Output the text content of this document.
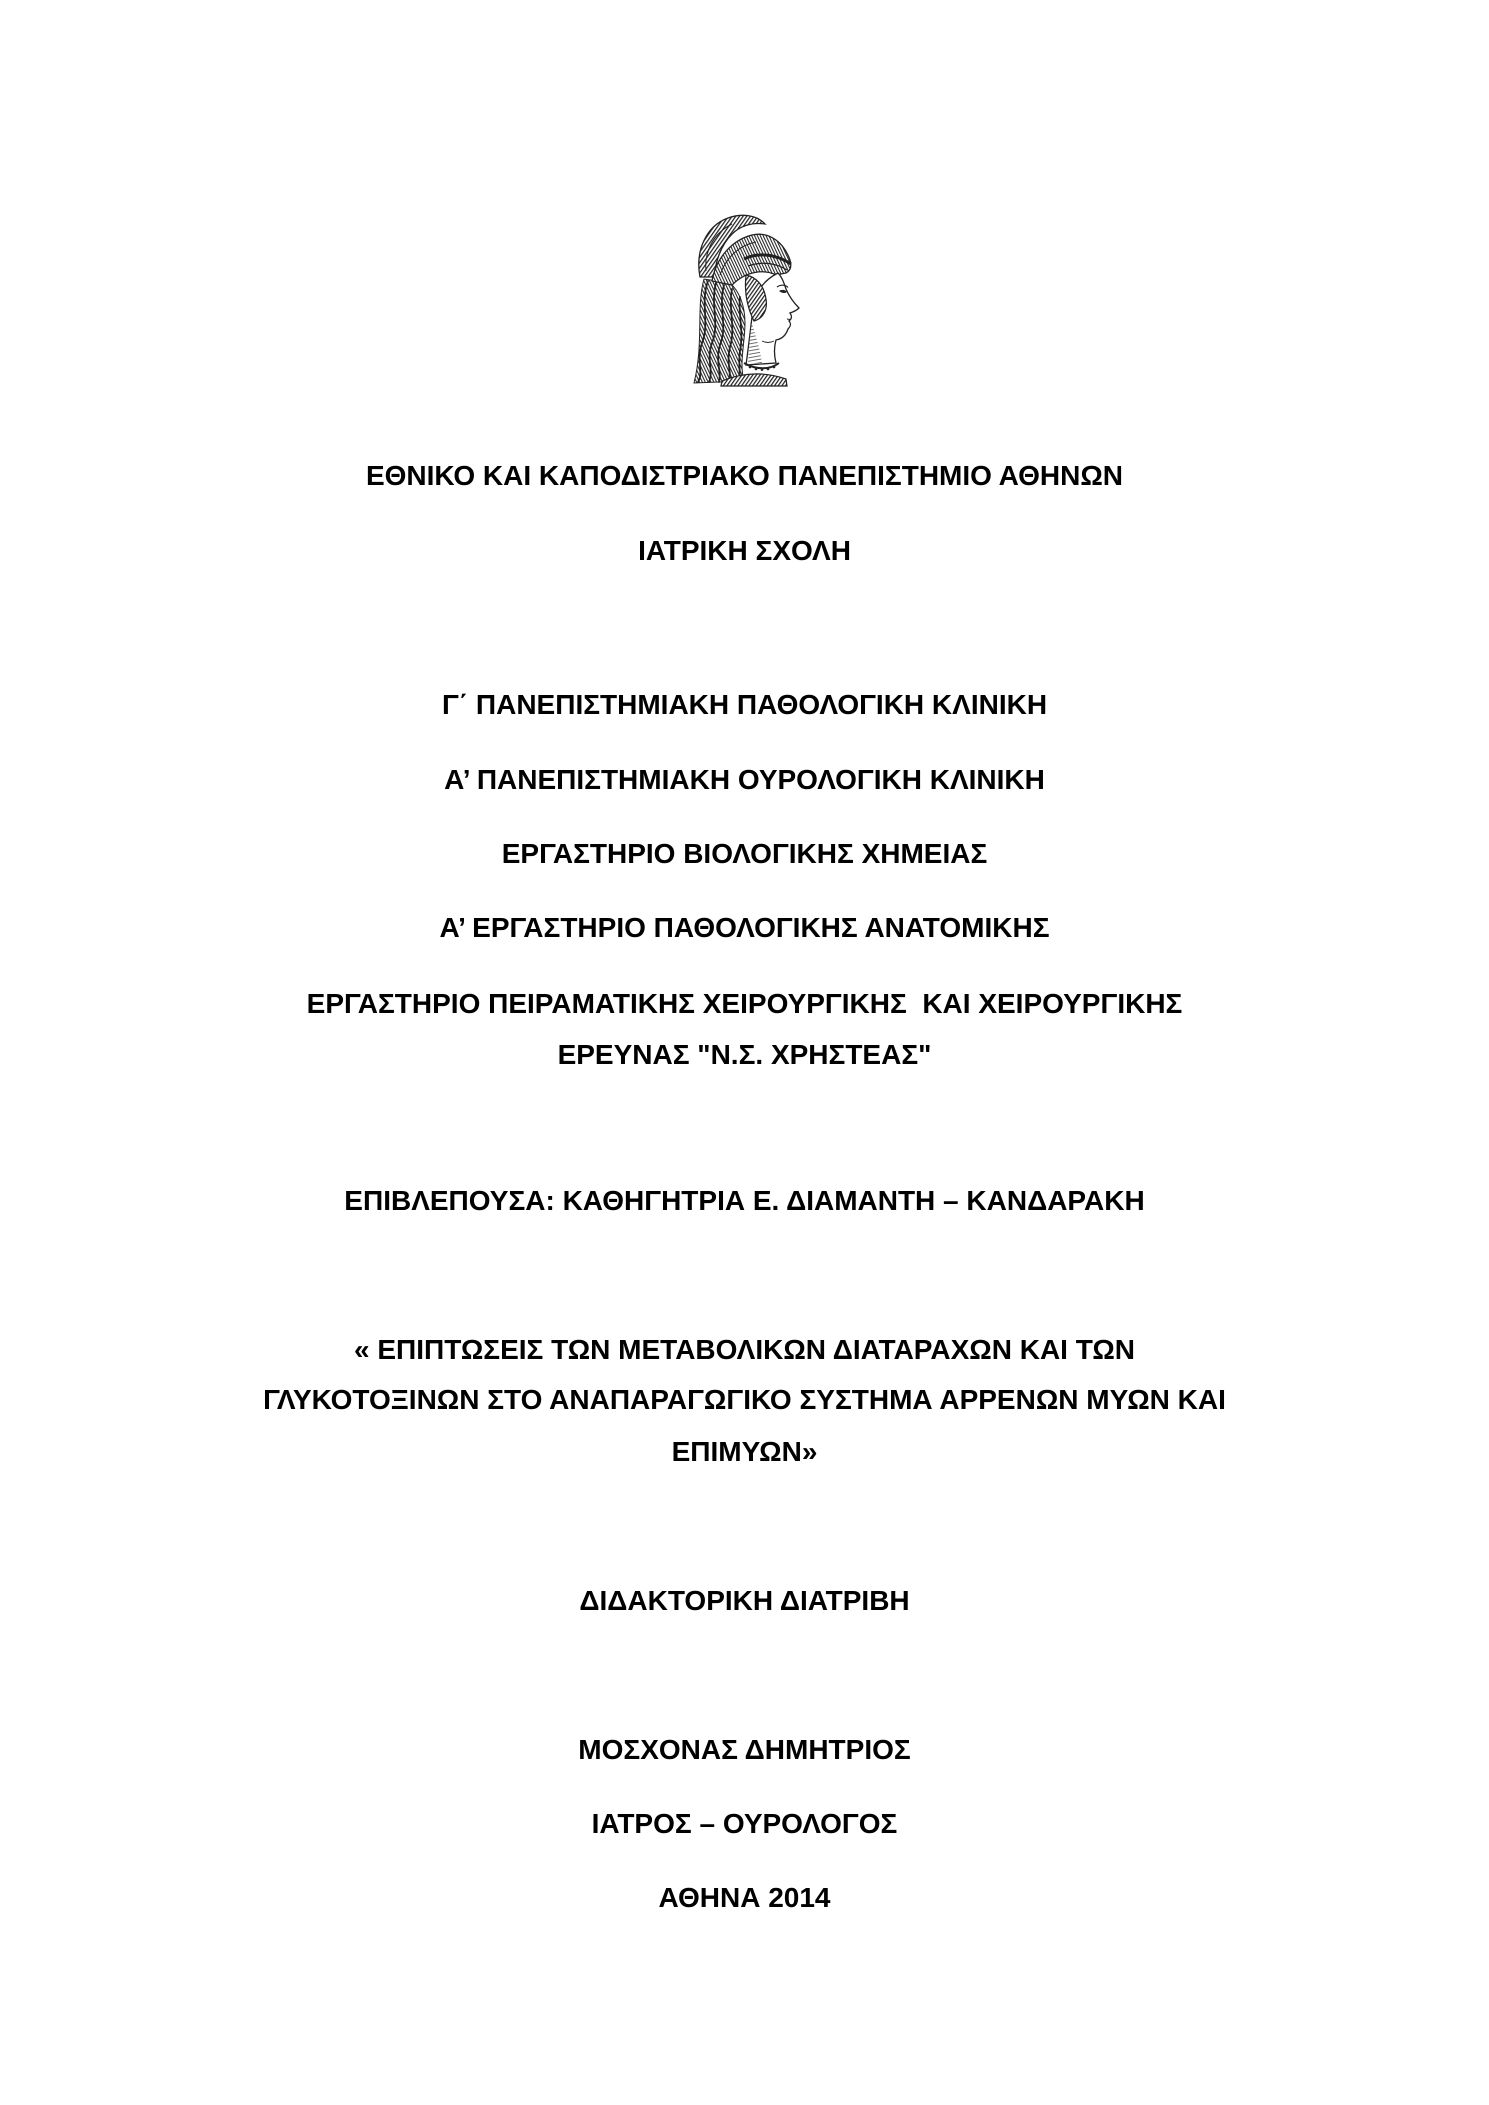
ΕΘΝΙΚΟ ΚΑΙ ΚΑΠΟΔΙΣΤΡΙΑΚΟ ΠΑΝΕΠΙΣΤΗΜΙΟ ΑΘΗΝΩΝ
ΙΑΤΡΙΚΗ ΣΧΟΛΗ
Γ΄ ΠΑΝΕΠΙΣΤΗΜΙΑΚΗ ΠΑΘΟΛΟΓΙΚΗ ΚΛΙΝΙΚΗ
Α’ ΠΑΝΕΠΙΣΤΗΜΙΑΚΗ ΟΥΡΟΛΟΓΙΚΗ ΚΛΙΝΙΚΗ
ΕΡΓΑΣΤΗΡΙΟ ΒΙΟΛΟΓΙΚΗΣ ΧΗΜΕΙΑΣ
Α’ ΕΡΓΑΣΤΗΡΙΟ ΠΑΘΟΛΟΓΙΚΗΣ ΑΝΑΤΟΜΙΚΗΣ
ΕΡΓΑΣΤΗΡΙΟ ΠΕΙΡΑΜΑΤΙΚΗΣ ΧΕΙΡΟΥΡΓΙΚΗΣ  ΚΑΙ ΧΕΙΡΟΥΡΓΙΚΗΣ
ΕΡΕΥΝΑΣ "Ν.Σ. ΧΡΗΣΤΕΑΣ"
ΕΠΙΒΛΕΠΟΥΣΑ: ΚΑΘΗΓΗΤΡΙΑ Ε. ΔΙΑΜΑΝΤΗ – ΚΑΝΔΑΡΑΚΗ
« ΕΠΙΠΤΩΣΕΙΣ ΤΩΝ ΜΕΤΑΒΟΛΙΚΩΝ ΔΙΑΤΑΡΑΧΩΝ ΚΑΙ ΤΩΝ
ΓΛΥΚΟΤΟΞΙΝΩΝ ΣΤΟ ΑΝΑΠΑΡΑΓΩΓΙΚΟ ΣΥΣΤΗΜΑ ΑΡΡΕΝΩΝ ΜΥΩΝ ΚΑΙ
ΕΠΙΜΥΩΝ»
ΔΙΔΑΚΤΟΡΙΚΗ ΔΙΑΤΡΙΒΗ
ΜΟΣΧΟΝΑΣ ΔΗΜΗΤΡΙΟΣ
ΙΑΤΡΟΣ – ΟΥΡΟΛΟΓΟΣ
ΑΘΗΝΑ 2014
